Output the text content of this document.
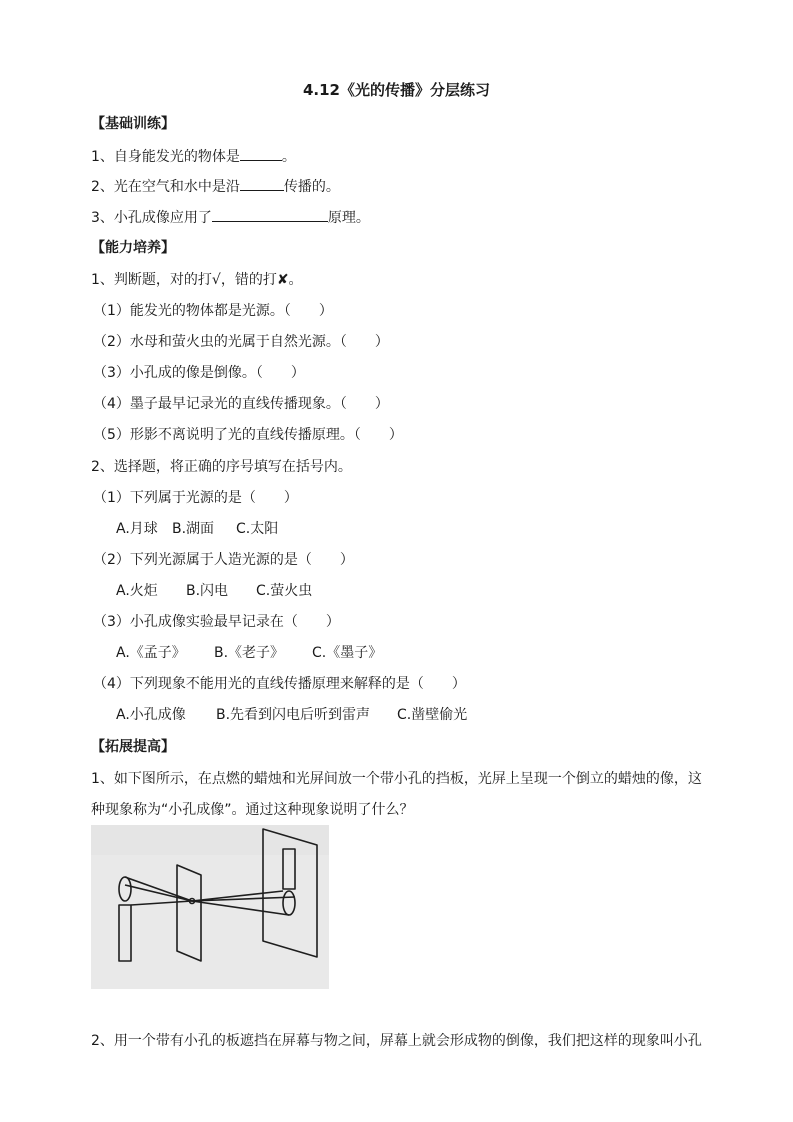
4.12《光的传播》分层练习
【基础训练】
1、自身能发光的物体是	。
2、光在空气和水中是沿	传播的。
3、小孔成像应用了	原理。
【能力培养】
1、判断题，对的打√，错的打✘。
（1）能发光的物体都是光源。（　　）
（2）水母和萤火虫的光属于自然光源。（　　）
（3）小孔成的像是倒像。（　　）
（4）墨子最早记录光的直线传播现象。（　　）
（5）形影不离说明了光的直线传播原理。（　　）
2、选择题，将正确的序号填写在括号内。
（1）下列属于光源的是（　　）
A.月球 B.湖面 C.太阳
（2）下列光源属于人造光源的是（　　）
A.火炬 B.闪电 C.萤火虫
（3）小孔成像实验最早记录在（　　）
A.《孟子》 B.《老子》 C.《墨子》
（4）下列现象不能用光的直线传播原理来解释的是（　　）
A.小孔成像 B.先看到闪电后听到雷声 C.凿壁偷光
【拓展提高】
1、如下图所示，在点燃的蜡烛和光屏间放一个带小孔的挡板，光屏上呈现一个倒立的蜡烛的像，这
种现象称为“小孔成像”。通过这种现象说明了什么？
2、用一个带有小孔的板遮挡在屏幕与物之间，屏幕上就会形成物的倒像，我们把这样的现象叫小孔
